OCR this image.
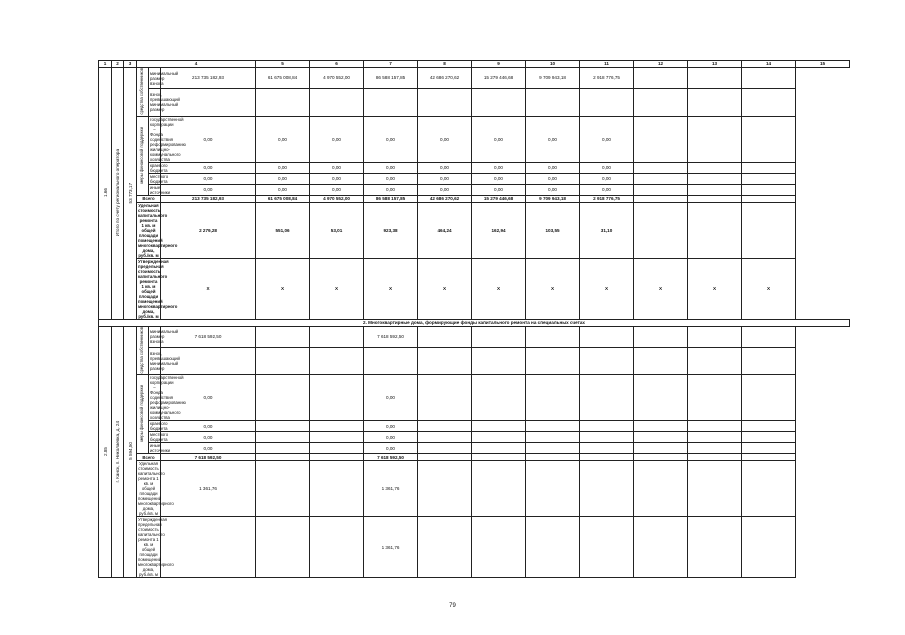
1	2	3	4			5	6	7	8	9	10	11	12	13	14	15
1.66	Итого по счету регионального оператора	53 773,17	средства собственников	минимальный размер взноса	213 735 182,93	61 675 008,84	4 970 552,00	86 588 157,85	42 686 270,62	15 279 446,68	9 709 943,18	2 918 776,75				
				взнос, превышающий минимальный размер												
			меры финансовой поддержки	государственной корпорации – Фонда содействия реформированию жилищно-коммунального хозяйства	0,00	0,00	0,00	0,00	0,00	0,00	0,00	0,00				
				краевого бюджета	0,00	0,00	0,00	0,00	0,00	0,00	0,00	0,00				
				местного бюджета	0,00	0,00	0,00	0,00	0,00	0,00	0,00	0,00				
				иные источники	0,00	0,00	0,00	0,00	0,00	0,00	0,00	0,00				
			Всего		213 735 182,93	61 675 008,84	4 970 552,00	86 588 157,85	42 686 270,62	15 279 446,68	9 709 943,18	2 918 776,75				
			Удельная стоимость капитального ремонта 1 кв. м общей площади помещений многоквартирного дома, руб./кв. м		2 279,28	551,06	53,01	923,38	464,24	162,94	103,55	31,10				
			Утвержденная предельная стоимость капитального ремонта 1 кв. м общей площади помещений многоквартирного дома, руб./кв. м		X	X	X	X	X	X	X	X	X	X	X	
2. Многоквартирные дома, формирующие фонды капитального ремонта на специальных счетах																
2.85	г. Канск, п. Николаевка, д. 24	5 594,50	средства собственников	минимальный размер взноса	7 618 592,50			7 618 592,50								
				взнос, превышающий минимальный размер												
			меры финансовой поддержки	государственной корпорации – Фонда содействия реформированию жилищно-коммунального хозяйства	0,00			0,00								
				краевого бюджета	0,00			0,00								
				местного бюджета	0,00			0,00								
				иные источники	0,00			0,00								
			Всего		7 618 592,50			7 618 592,50								
			Удельная стоимость капитального ремонта 1 кв. м общей площади помещений многоквартирного дома, руб./кв. м		1 361,76			1 361,76								
			Утвержденная предельная стоимость капитального ремонта 1 кв. м общей площади помещений многоквартирного дома, руб./кв. м					1 361,76								
79
